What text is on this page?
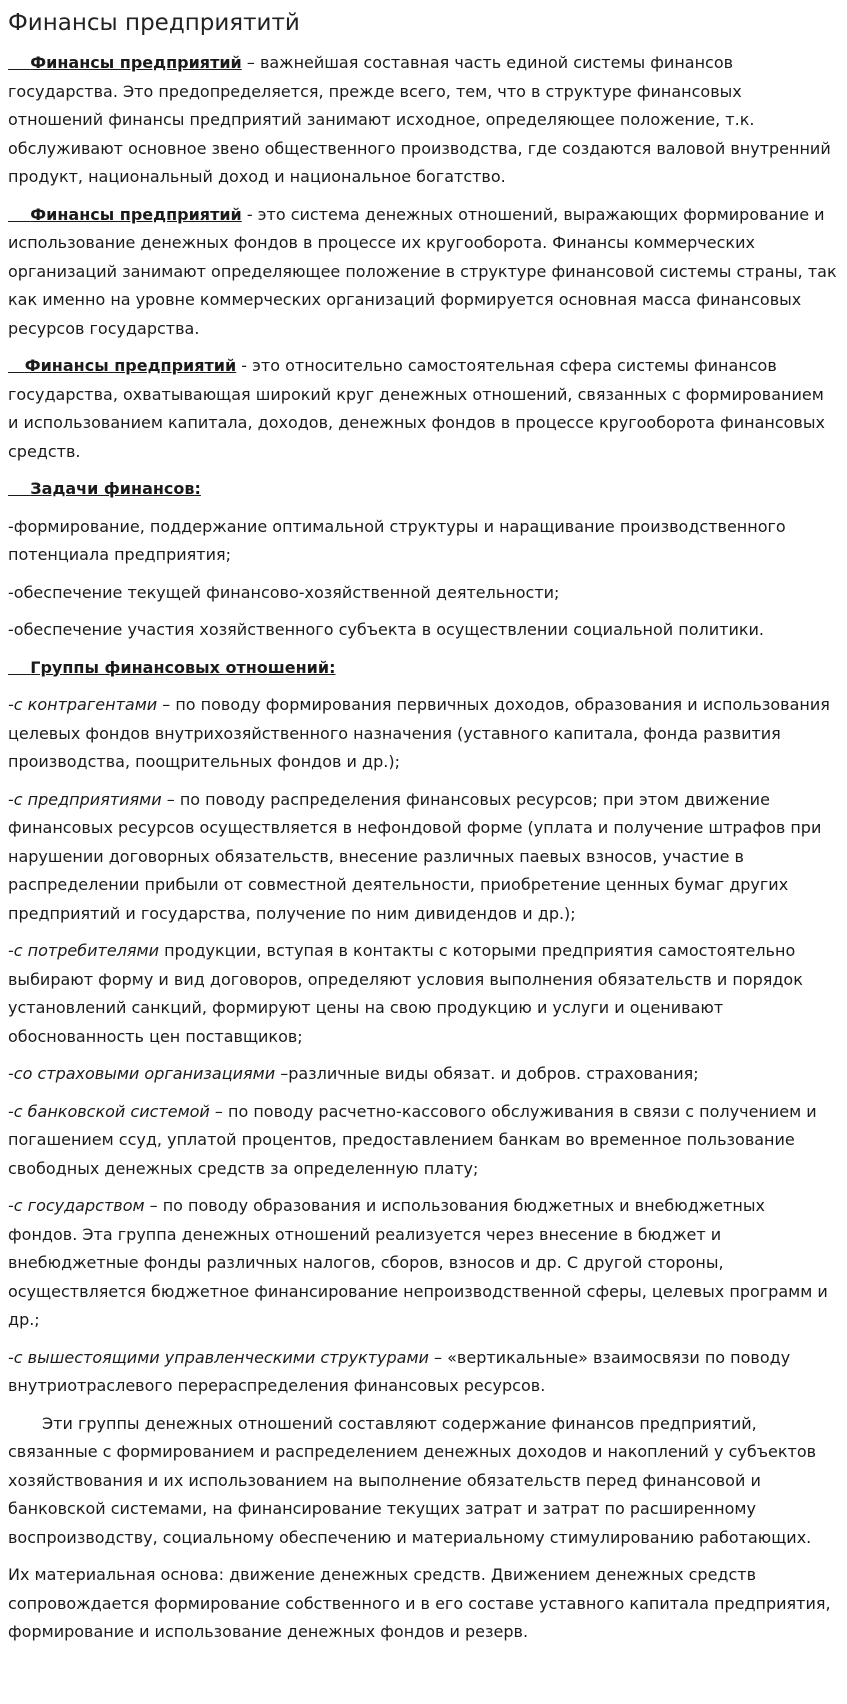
Финансы предприятитй

Финансы предприятий – важнейшая составная часть единой системы финансов государства. Это предопределяется, прежде всего, тем, что в структуре финансовых отношений финансы предприятий занимают исходное, определяющее положение, т.к. обслуживают основное звено общественного производства, где создаются валовой внутренний продукт, национальный доход и национальное богатство.

Финансы предприятий - это система денежных отношений, выражающих формирование и использование денежных фондов в процессе их кругооборота. Финансы коммерческих организаций занимают определяющее положение в структуре финансовой системы страны, так как именно на уровне коммерческих организаций формируется основная масса финансовых ресурсов государства.

Финансы предприятий - это относительно самостоятельная сфера системы финансов государства, охватывающая широкий круг денежных отношений, связанных с формированием и использованием капитала, доходов, денежных фондов в процессе кругооборота финансовых средств.

Задачи финансов:

-формирование, поддержание оптимальной структуры и наращивание производственного потенциала предприятия;

-обеспечение текущей финансово-хозяйственной деятельности;

-обеспечение участия хозяйственного субъекта в осуществлении социальной политики.

Группы финансовых отношений:

-с контрагентами – по поводу формирования первичных доходов, образования и использования целевых фондов внутрихозяйственного назначения (уставного капитала, фонда развития производства, поощрительных фондов и др.);

-с предприятиями – по поводу распределения финансовых ресурсов; при этом движение финансовых ресурсов осуществляется в нефондовой форме (уплата и получение штрафов при нарушении договорных обязательств, внесение различных паевых взносов, участие в распределении прибыли от совместной деятельности, приобретение ценных бумаг других предприятий и государства, получение по ним дивидендов и др.);

-с потребителями продукции, вступая в контакты с которыми предприятия самостоятельно выбирают форму и вид договоров, определяют условия выполнения обязательств и порядок установлений санкций, формируют цены на свою продукцию и услуги и оценивают обоснованность цен поставщиков;

-со страховыми организациями –различные виды обязат. и добров. страхования;

-с банковской системой – по поводу расчетно-кассового обслуживания в связи с получением и погашением ссуд, уплатой процентов, предоставлением банкам во временное пользование свободных денежных средств за определенную плату;

-с государством – по поводу образования и использования бюджетных и внебюджетных фондов. Эта группа денежных отношений реализуется через внесение в бюджет и внебюджетные фонды различных налогов, сборов, взносов и др. С другой стороны, осуществляется бюджетное финансирование непроизводственной сферы, целевых программ и др.;

-с вышестоящими управленческими структурами – «вертикальные» взаимосвязи по поводу внутриотраслевого перераспределения финансовых ресурсов.

Эти группы денежных отношений составляют содержание финансов предприятий, связанные с формированием и распределением денежных доходов и накоплений у субъектов хозяйствования и их использованием на выполнение обязательств перед финансовой и банковской системами, на финансирование текущих затрат и затрат по расширенному воспроизводству, социальному обеспечению и материальному стимулированию работающих.

Их материальная основа: движение денежных средств. Движением денежных средств сопровождается формирование собственного и в его составе уставного капитала предприятия, формирование и использование денежных фондов и резерв.
